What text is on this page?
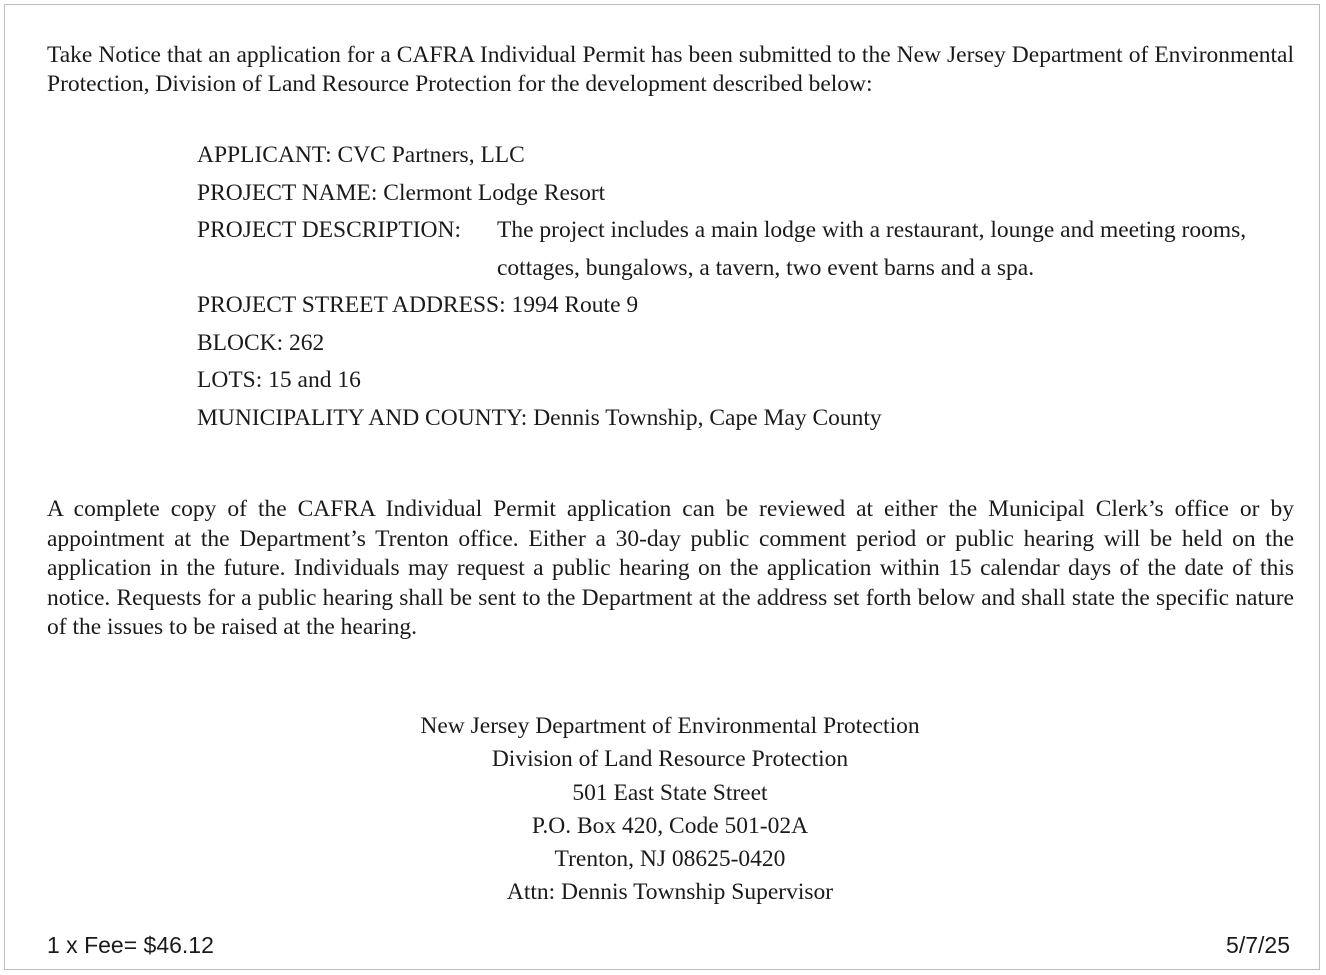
Take Notice that an application for a CAFRA Individual Permit has been submitted to the New Jersey Department of Environmental Protection, Division of Land Resource Protection for the development described below:

APPLICANT: CVC Partners, LLC
PROJECT NAME: Clermont Lodge Resort
PROJECT DESCRIPTION:	The project includes a main lodge with a restaurant, lounge and meeting rooms, cottages, bungalows, a tavern, two event barns and a spa.
PROJECT STREET ADDRESS: 1994 Route 9
BLOCK: 262
LOTS: 15 and 16
MUNICIPALITY AND COUNTY: Dennis Township, Cape May County

A complete copy of the CAFRA Individual Permit application can be reviewed at either the Municipal Clerk’s office or by appointment at the Department’s Trenton office. Either a 30-day public comment period or public hearing will be held on the application in the future. Individuals may request a public hearing on the application within 15 calendar days of the date of this notice. Requests for a public hearing shall be sent to the Department at the address set forth below and shall state the specific nature of the issues to be raised at the hearing.

New Jersey Department of Environmental Protection
Division of Land Resource Protection
501 East State Street
P.O. Box 420, Code 501-02A
Trenton, NJ 08625-0420
Attn: Dennis Township Supervisor
1 x Fee= $46.12	5/7/25
